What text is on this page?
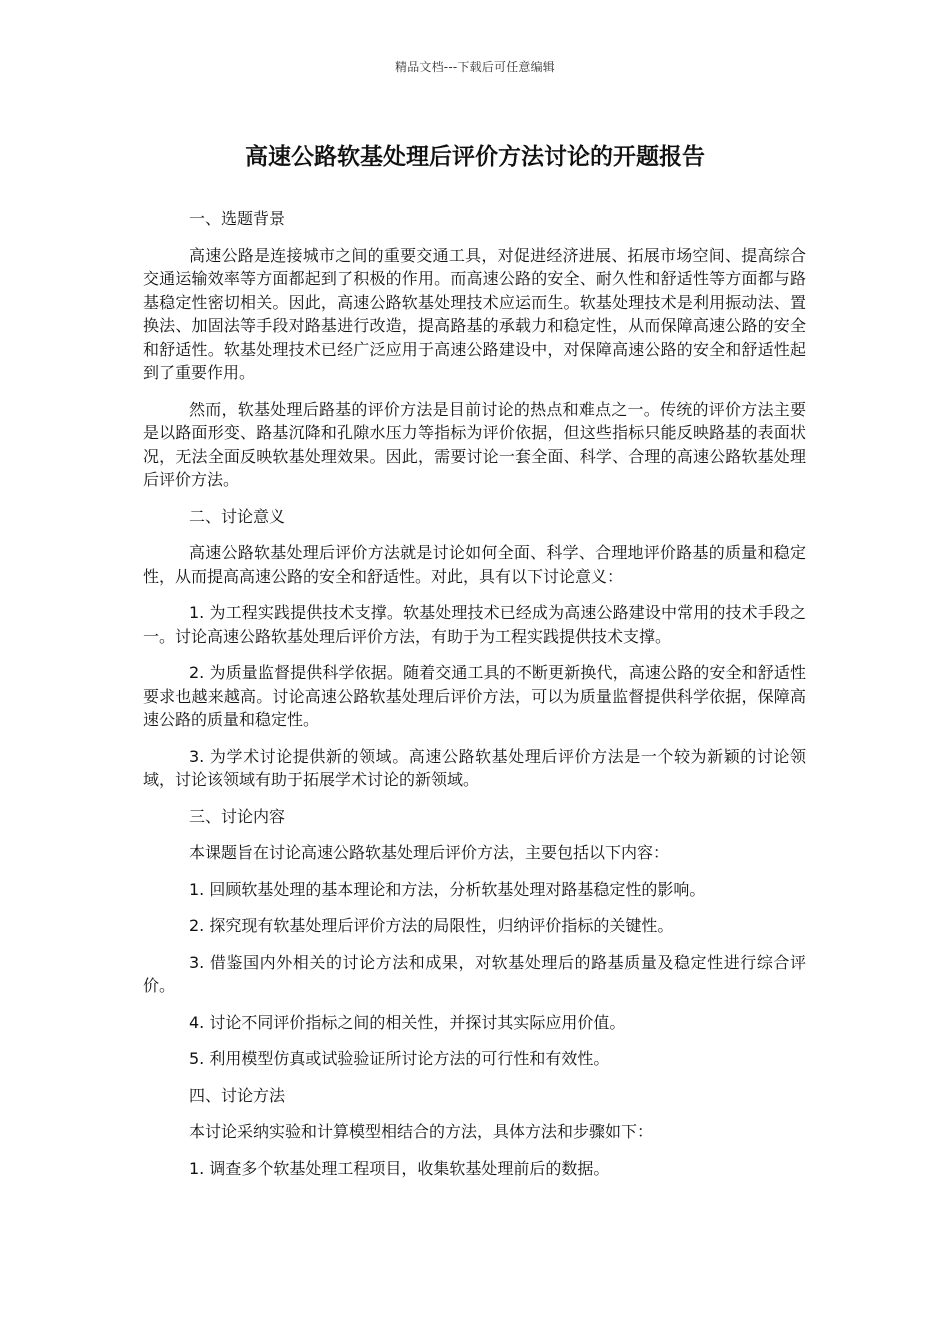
精品文档---下载后可任意编辑
高速公路软基处理后评价方法讨论的开题报告

一、选题背景

高速公路是连接城市之间的重要交通工具，对促进经济进展、拓展市场空间、提高综合交通运输效率等方面都起到了积极的作用。而高速公路的安全、耐久性和舒适性等方面都与路基稳定性密切相关。因此，高速公路软基处理技术应运而生。软基处理技术是利用振动法、置换法、加固法等手段对路基进行改造，提高路基的承载力和稳定性，从而保障高速公路的安全和舒适性。软基处理技术已经广泛应用于高速公路建设中，对保障高速公路的安全和舒适性起到了重要作用。

然而，软基处理后路基的评价方法是目前讨论的热点和难点之一。传统的评价方法主要是以路面形变、路基沉降和孔隙水压力等指标为评价依据，但这些指标只能反映路基的表面状况，无法全面反映软基处理效果。因此，需要讨论一套全面、科学、合理的高速公路软基处理后评价方法。

二、讨论意义

高速公路软基处理后评价方法就是讨论如何全面、科学、合理地评价路基的质量和稳定性，从而提高高速公路的安全和舒适性。对此，具有以下讨论意义：

1. 为工程实践提供技术支撑。软基处理技术已经成为高速公路建设中常用的技术手段之一。讨论高速公路软基处理后评价方法，有助于为工程实践提供技术支撑。

2. 为质量监督提供科学依据。随着交通工具的不断更新换代，高速公路的安全和舒适性要求也越来越高。讨论高速公路软基处理后评价方法，可以为质量监督提供科学依据，保障高速公路的质量和稳定性。

3. 为学术讨论提供新的领域。高速公路软基处理后评价方法是一个较为新颖的讨论领域，讨论该领域有助于拓展学术讨论的新领域。

三、讨论内容

本课题旨在讨论高速公路软基处理后评价方法，主要包括以下内容：

1. 回顾软基处理的基本理论和方法，分析软基处理对路基稳定性的影响。

2. 探究现有软基处理后评价方法的局限性，归纳评价指标的关键性。

3. 借鉴国内外相关的讨论方法和成果，对软基处理后的路基质量及稳定性进行综合评价。

4. 讨论不同评价指标之间的相关性，并探讨其实际应用价值。

5. 利用模型仿真或试验验证所讨论方法的可行性和有效性。

四、讨论方法

本讨论采纳实验和计算模型相结合的方法，具体方法和步骤如下：

1. 调查多个软基处理工程项目，收集软基处理前后的数据。
